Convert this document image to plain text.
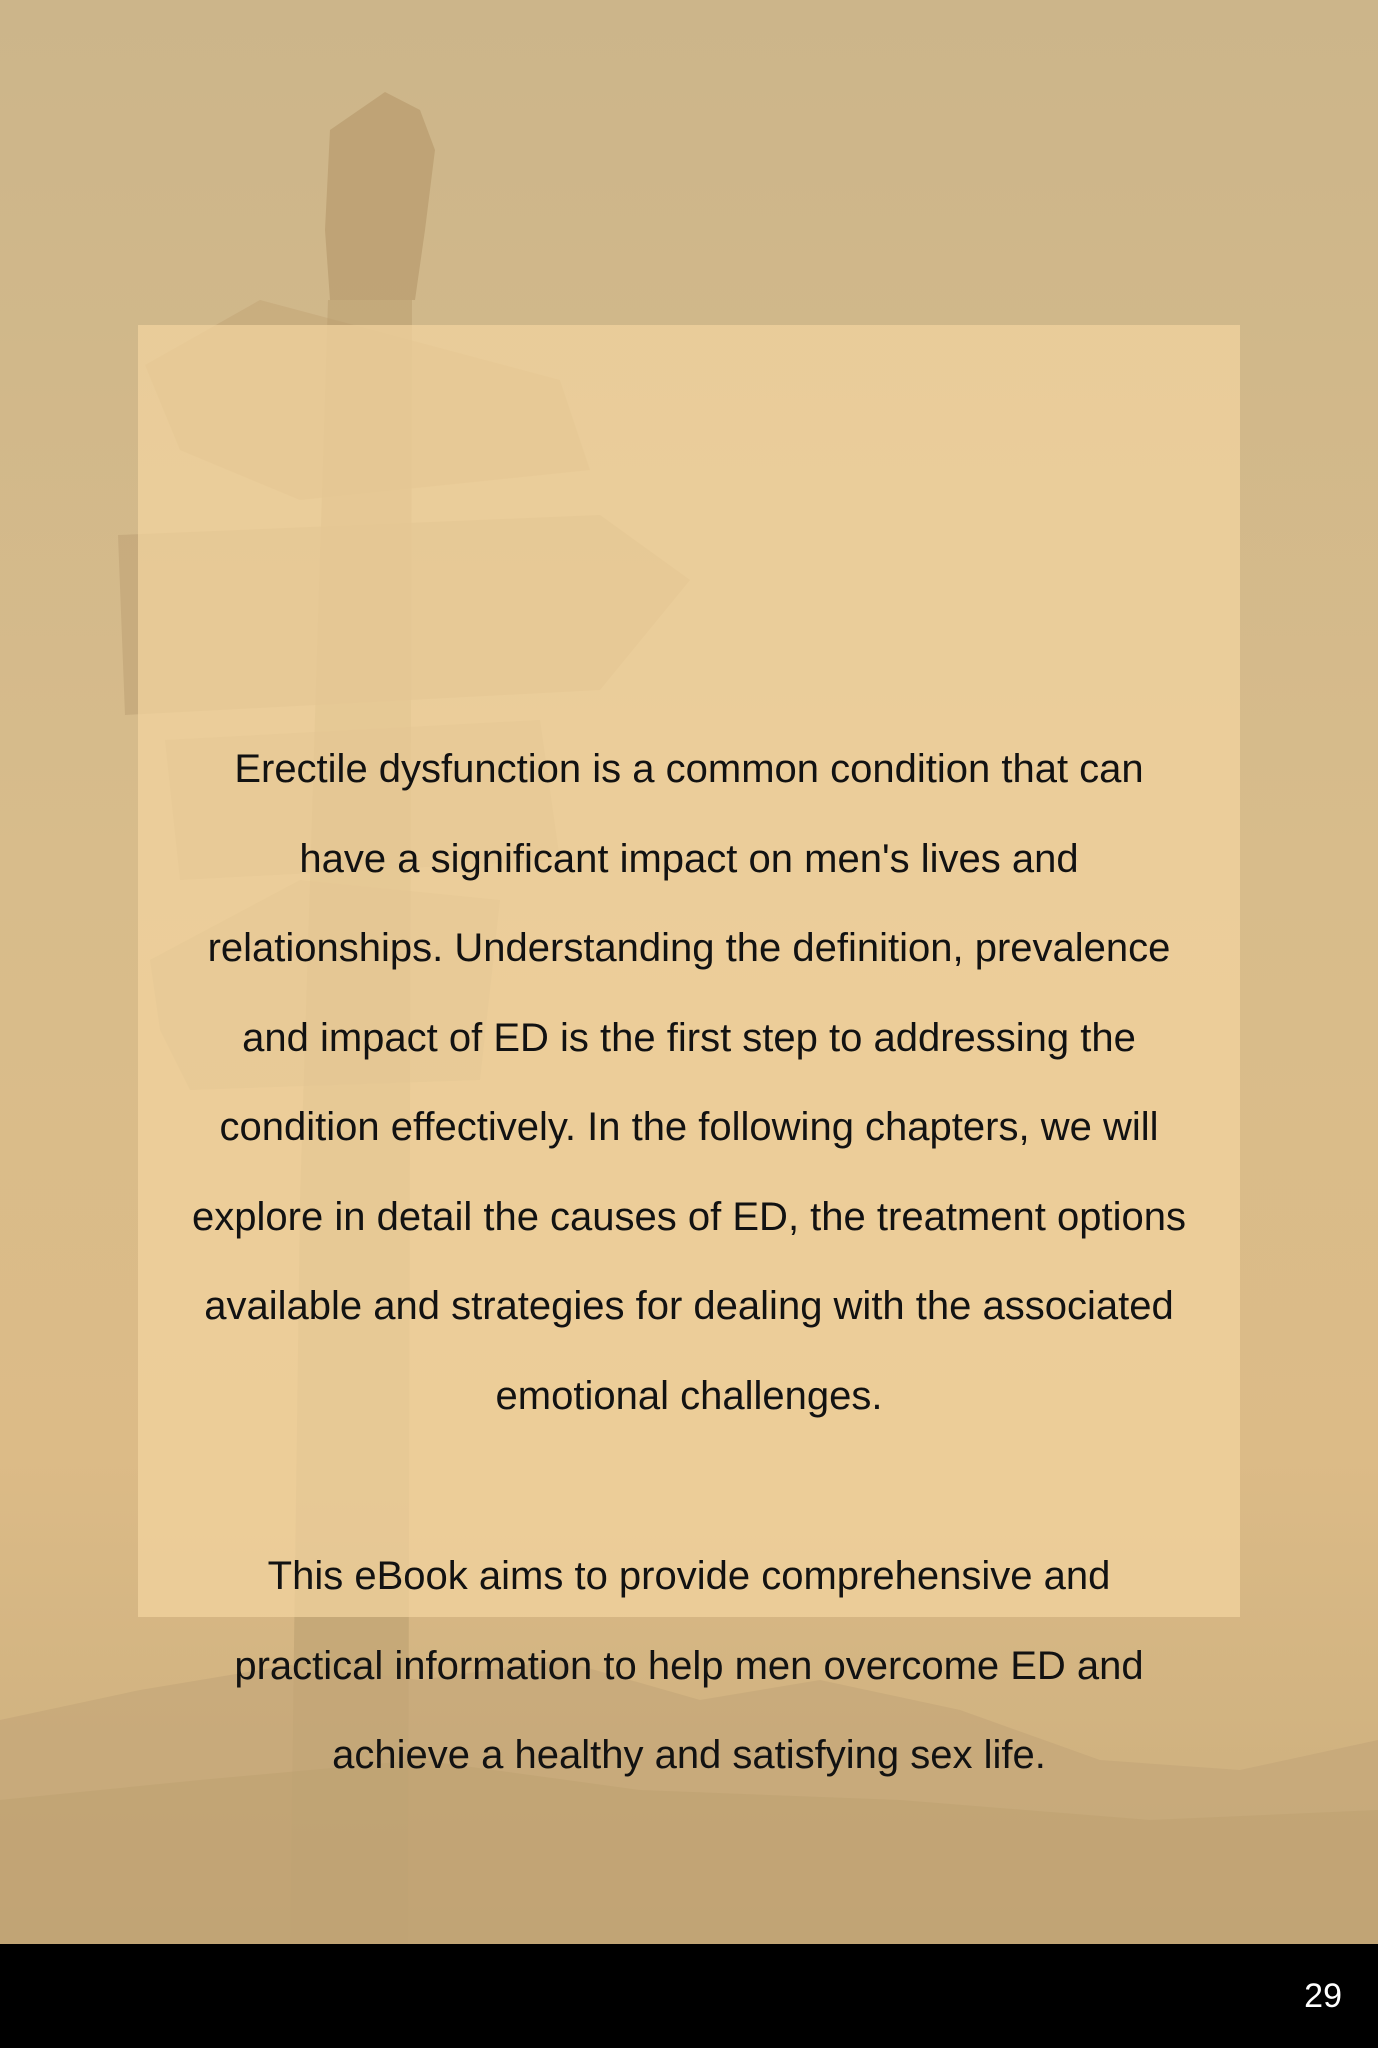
Erectile dysfunction is a common condition that can
have a significant impact on men's lives and
relationships. Understanding the definition, prevalence
and impact of ED is the first step to addressing the
condition effectively. In the following chapters, we will
explore in detail the causes of ED, the treatment options
available and strategies for dealing with the associated
emotional challenges.

This eBook aims to provide comprehensive and
practical information to help men overcome ED and
achieve a healthy and satisfying sex life.

29
